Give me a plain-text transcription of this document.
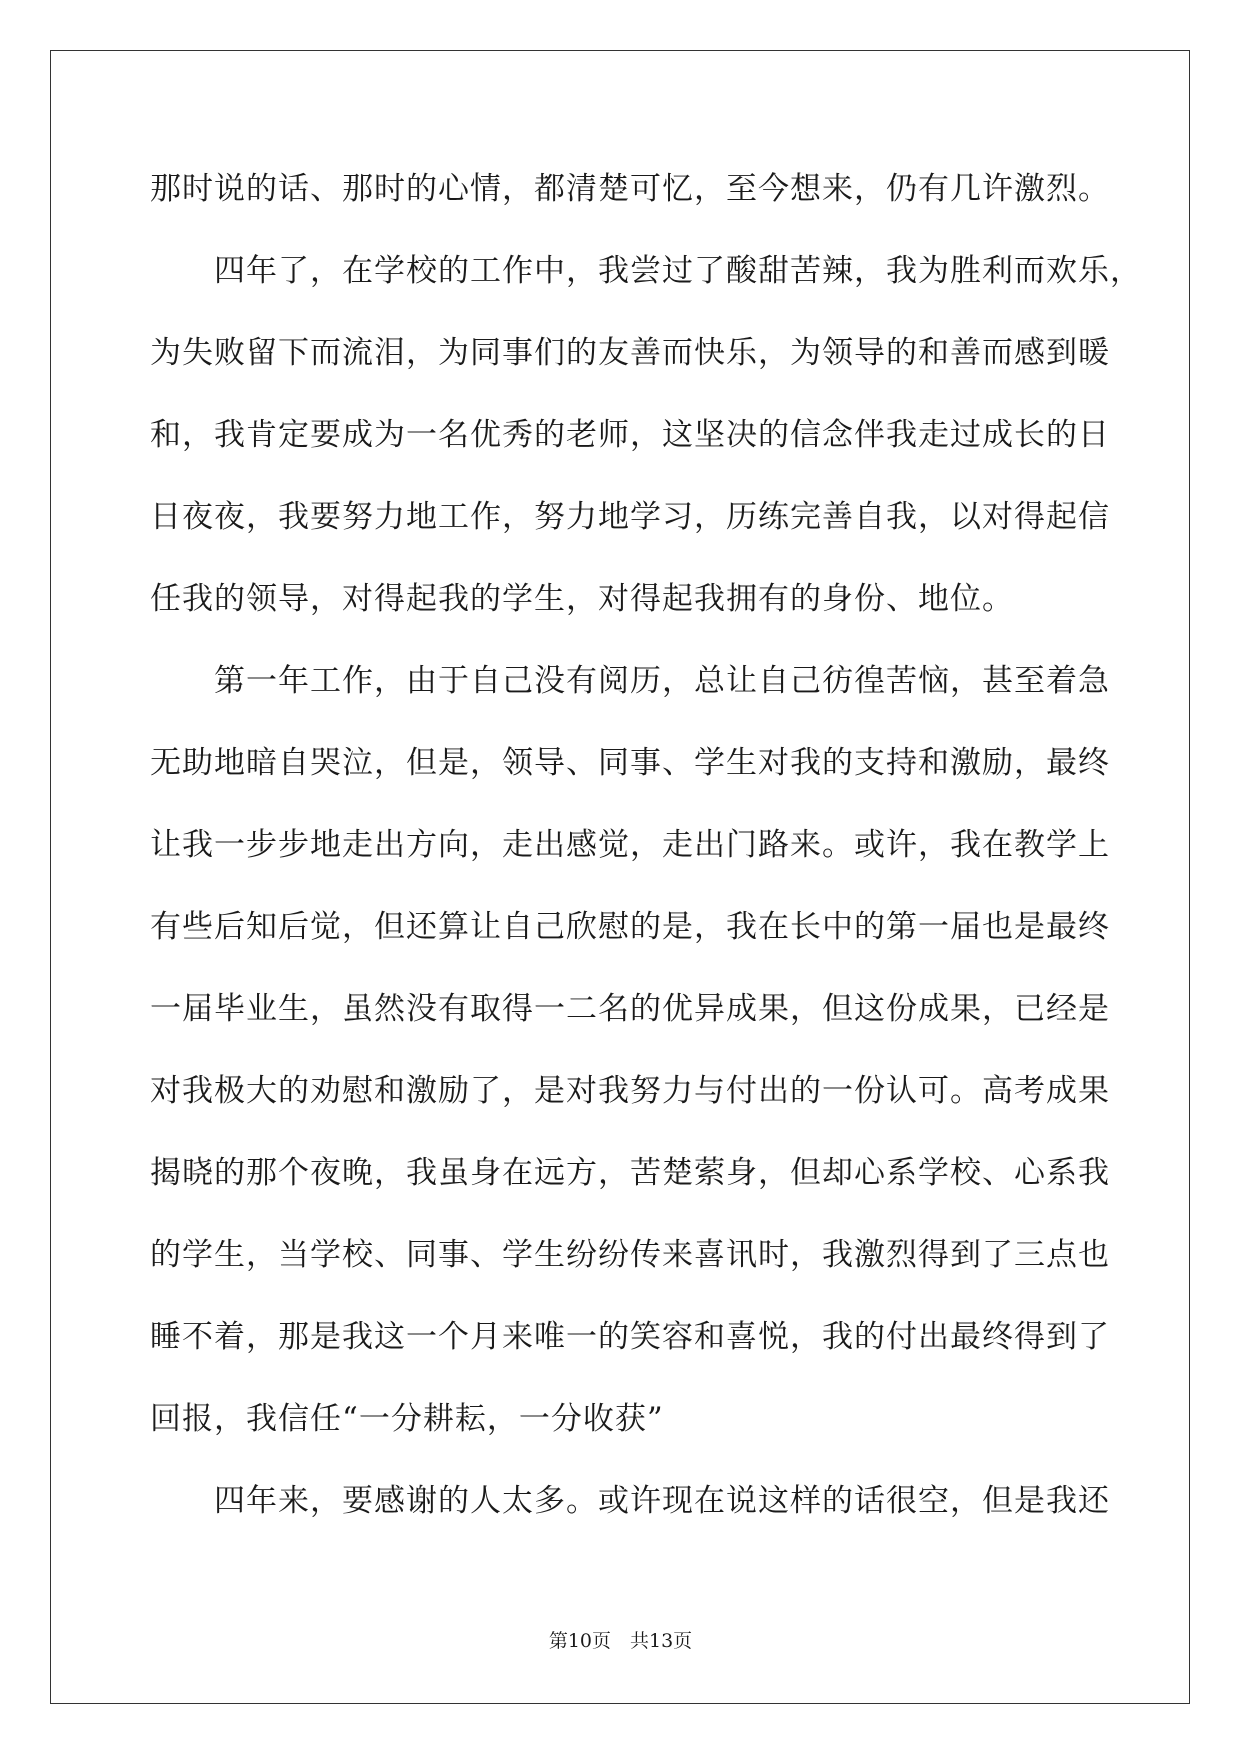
那时说的话、那时的心情，都清楚可忆，至今想来，仍有几许激烈。
四年了，在学校的工作中，我尝过了酸甜苦辣，我为胜利而欢乐，
为失败留下而流泪，为同事们的友善而快乐，为领导的和善而感到暖
和，我肯定要成为一名优秀的老师，这坚决的信念伴我走过成长的日
日夜夜，我要努力地工作，努力地学习，历练完善自我，以对得起信
任我的领导，对得起我的学生，对得起我拥有的身份、地位。
第一年工作，由于自己没有阅历，总让自己彷徨苦恼，甚至着急
无助地暗自哭泣，但是，领导、同事、学生对我的支持和激励，最终
让我一步步地走出方向，走出感觉，走出门路来。或许，我在教学上
有些后知后觉，但还算让自己欣慰的是，我在长中的第一届也是最终
一届毕业生，虽然没有取得一二名的优异成果，但这份成果，已经是
对我极大的劝慰和激励了，是对我努力与付出的一份认可。高考成果
揭晓的那个夜晚，我虽身在远方，苦楚萦身，但却心系学校、心系我
的学生，当学校、同事、学生纷纷传来喜讯时，我激烈得到了三点也
睡不着，那是我这一个月来唯一的笑容和喜悦，我的付出最终得到了
回报，我信任“一分耕耘，一分收获”
四年来，要感谢的人太多。或许现在说这样的话很空，但是我还
第10页　共13页
